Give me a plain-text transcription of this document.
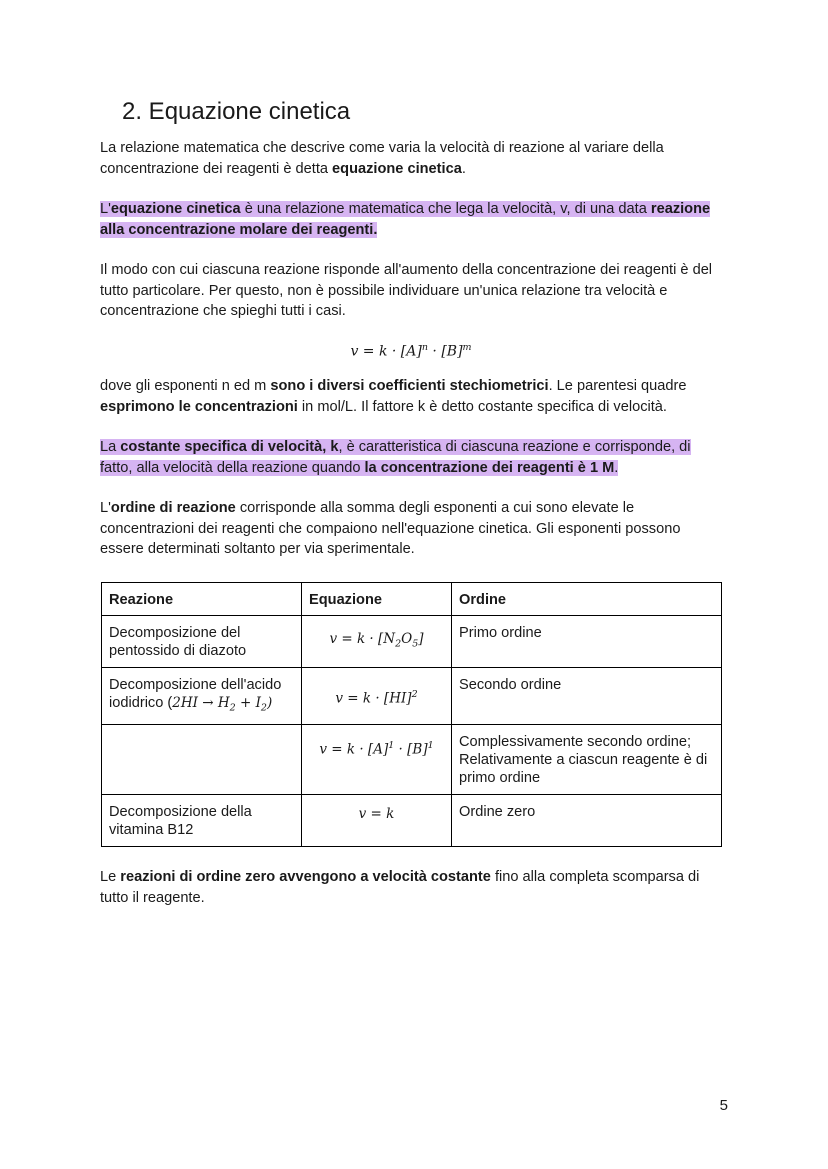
2. Equazione cinetica

La relazione matematica che descrive come varia la velocità di reazione al variare della concentrazione dei reagenti è detta equazione cinetica.

L'equazione cinetica è una relazione matematica che lega la velocità, v, di una data reazione alla concentrazione molare dei reagenti.

Il modo con cui ciascuna reazione risponde all'aumento della concentrazione dei reagenti è del tutto particolare. Per questo, non è possibile individuare un'unica relazione tra velocità e concentrazione che spieghi tutti i casi.

$v = k \cdot [A]^n \cdot [B]^m$

dove gli esponenti n ed m sono i diversi coefficienti stechiometrici. Le parentesi quadre esprimono le concentrazioni in mol/L. Il fattore k è detto costante specifica di velocità.

La costante specifica di velocità, k, è caratteristica di ciascuna reazione e corrisponde, di fatto, alla velocità della reazione quando la concentrazione dei reagenti è 1 M.

L'ordine di reazione corrisponde alla somma degli esponenti a cui sono elevate le concentrazioni dei reagenti che compaiono nell'equazione cinetica. Gli esponenti possono essere determinati soltanto per via sperimentale.

Reazione	Equazione	Ordine
Decomposizione del pentossido di diazoto	$v = k \cdot [N_2O_5]$	Primo ordine
Decomposizione dell'acido iodidrico $(2HI \to H_2 + I_2)$	v = k · [HI]$^2$	Secondo ordine
	$v = k \cdot [A]^1 \cdot [B]^1$	Complessivamente secondo ordine; Relativamente a ciascun reagente è di primo ordine
Decomposizione della vitamina B12	v = k	Ordine zero

Le reazioni di ordine zero avvengono a velocità costante fino alla completa scomparsa di tutto il reagente.

5
